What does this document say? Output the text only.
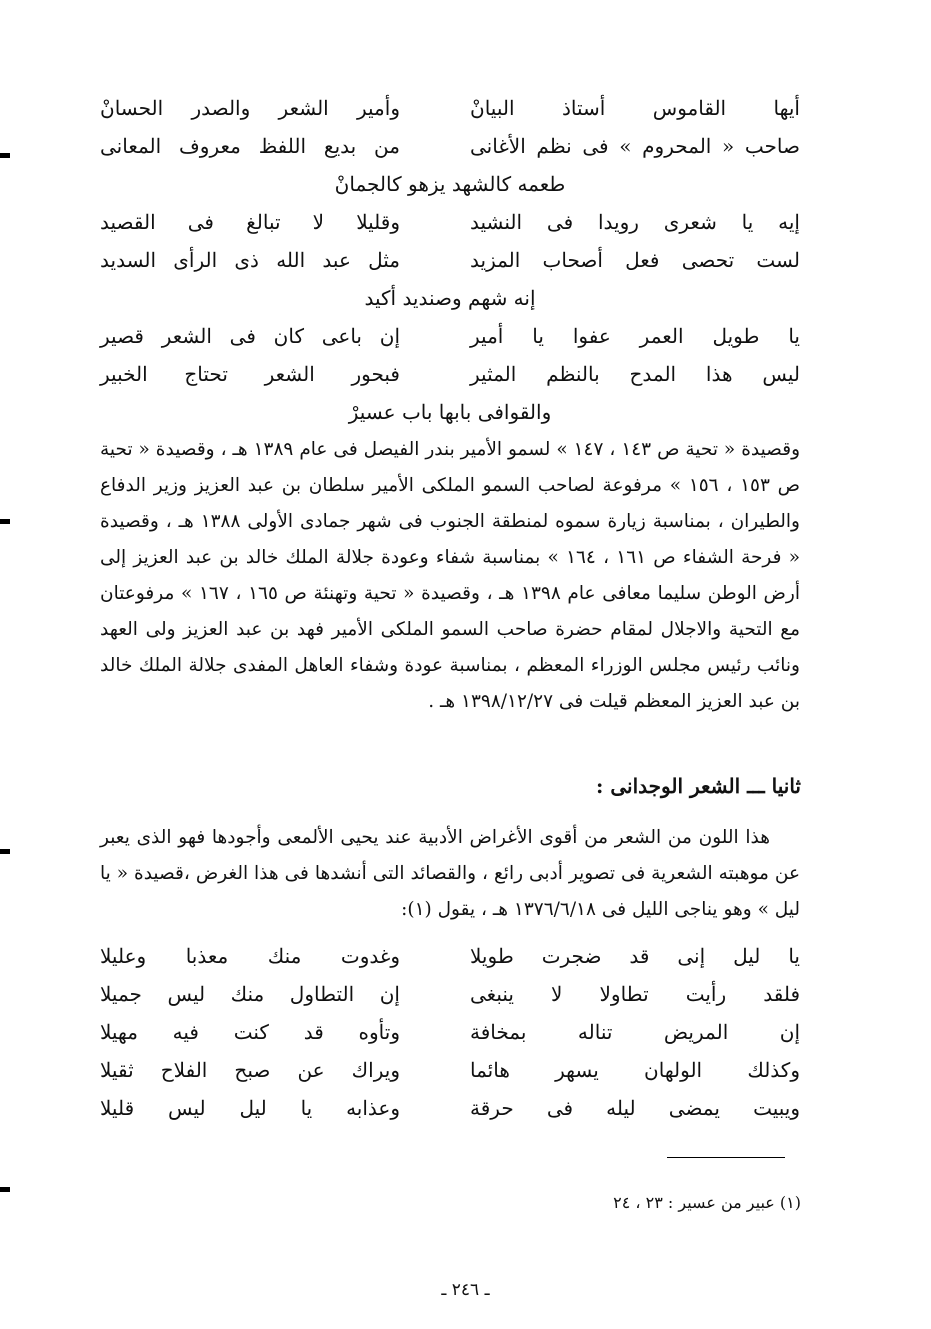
أيها القاموس أستاذ البيانْ
وأمير الشعر والصدر الحسانْ
صاحب « المحروم » فى نظم الأغانى
من بديع اللفظ معروف المعانى
طعمه كالشهد يزهو كالجمانْ
إيه يا شعرى رويدا فى النشيد
وقليلا لا تبالغ فى القصيد
لست تحصى فعل أصحاب المزيد
مثل عبد الله ذى الرأى السديد
إنه شهم وصنديد أكيد
يا طويل العمر عفوا يا أمير
إن باعى كان فى الشعر قصير
ليس هذا المدح بالنظم المثير
فبحور الشعر تحتاج الخبير
والقوافى بابها باب عسيرْ
وقصيدة « تحية ص ١٤٣ ، ١٤٧ » لسمو الأمير بندر الفيصل فى عام ١٣٨٩ هـ ، وقصيدة « تحية ص ١٥٣ ، ١٥٦ » مرفوعة لصاحب السمو الملكى الأمير سلطان بن عبد العزيز وزير الدفاع والطيران ، بمناسبة زيارة سموه لمنطقة الجنوب فى شهر جمادى الأولى ١٣٨٨ هـ ، وقصيدة « فرحة الشفاء ص ١٦١ ، ١٦٤ » بمناسبة شفاء وعودة جلالة الملك خالد بن عبد العزيز إلى أرض الوطن سليما معافى عام ١٣٩٨ هـ ، وقصيدة « تحية وتهنئة ص ١٦٥ ، ١٦٧ » مرفوعتان مع التحية والاجلال لمقام حضرة صاحب السمو الملكى الأمير فهد بن عبد العزيز ولى العهد ونائب رئيس مجلس الوزراء المعظم ، بمناسبة عودة وشفاء العاهل المفدى جلالة الملك خالد بن عبد العزيز المعظم قيلت فى ١٣٩٨/١٢/٢٧ هـ .
ثانيا ـــ الشعر الوجدانى :
هذا اللون من الشعر من أقوى الأغراض الأدبية عند يحيى الألمعى وأجودها فهو الذى يعبر عن موهبته الشعرية فى تصوير أدبى رائع ، والقصائد التى أنشدها فى هذا الغرض ،قصيدة « يا ليل » وهو يناجى الليل فى ١٣٧٦/٦/١٨ هـ ، يقول (١):
يا ليل إنى قد ضجرت طويلا
وغدوت منك معذبا وعليلا
فلقد رأيت تطاولا لا ينبغى
إن التطاول منك ليس جميلا
إن المريض تناله بمخافة
وتأوه قد كنت فيه مهيلا
وكذلك الولهان يسهر هائما
ويراك عن صبح الفلاح ثقيلا
ويبيت يمضى ليله فى حرقة
وعذابه يا ليل ليس قليلا
(١) عبير من عسير : ٢٣ ، ٢٤
ـ ٢٤٦ ـ
